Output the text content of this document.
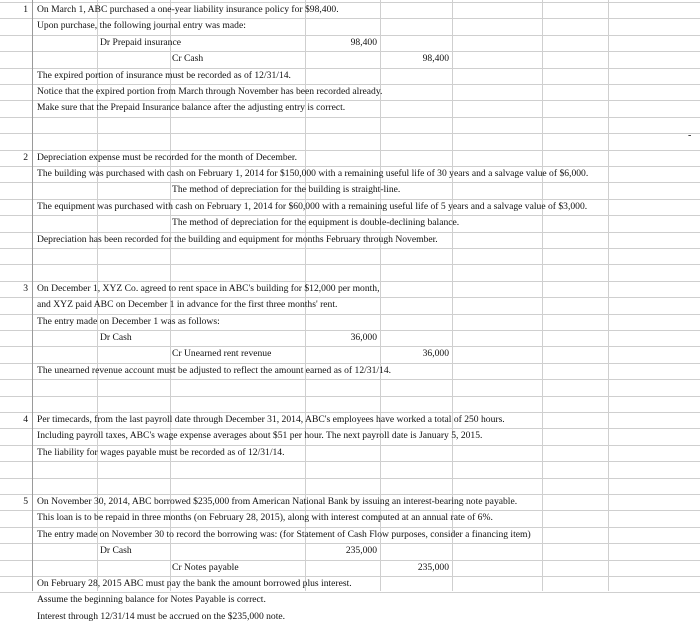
1 On March 1, ABC purchased a one-year liability insurance policy for $98,400.
Upon purchase, the following journal entry was made:
Dr Prepaid insurance	98,400
Cr Cash	98,400
The expired portion of insurance must be recorded as of 12/31/14.
Notice that the expired portion from March through November has been recorded already.
Make sure that the Prepaid Insurance balance after the adjusting entry is correct.
2 Depreciation expense must be recorded for the month of December.
The building was purchased with cash on February 1, 2014 for $150,000 with a remaining useful life of 30 years and a salvage value of $6,000.
The method of depreciation for the building is straight-line.
The equipment was purchased with cash on February 1, 2014 for $60,000 with a remaining useful life of 5 years and a salvage value of $3,000.
The method of depreciation for the equipment is double-declining balance.
Depreciation has been recorded for the building and equipment for months February through November.
3 On December 1, XYZ Co. agreed to rent space in ABC's building for $12,000 per month,
and XYZ paid ABC on December 1 in advance for the first three months' rent.
The entry made on December 1 was as follows:
Dr Cash	36,000
Cr Unearned rent revenue	36,000
The unearned revenue account must be adjusted to reflect the amount earned as of 12/31/14.
4 Per timecards, from the last payroll date through December 31, 2014, ABC's employees have worked a total of 250 hours.
Including payroll taxes, ABC's wage expense averages about $51 per hour. The next payroll date is January 5, 2015.
The liability for wages payable must be recorded as of 12/31/14.
5 On November 30, 2014, ABC borrowed $235,000 from American National Bank by issuing an interest-bearing note payable.
This loan is to be repaid in three months (on February 28, 2015), along with interest computed at an annual rate of 6%.
The entry made on November 30 to record the borrowing was: (for Statement of Cash Flow purposes, consider a financing item)
Dr Cash	235,000
Cr Notes payable	235,000
On February 28, 2015 ABC must pay the bank the amount borrowed plus interest.
Assume the beginning balance for Notes Payable is correct.
Interest through 12/31/14 must be accrued on the $235,000 note.
-
